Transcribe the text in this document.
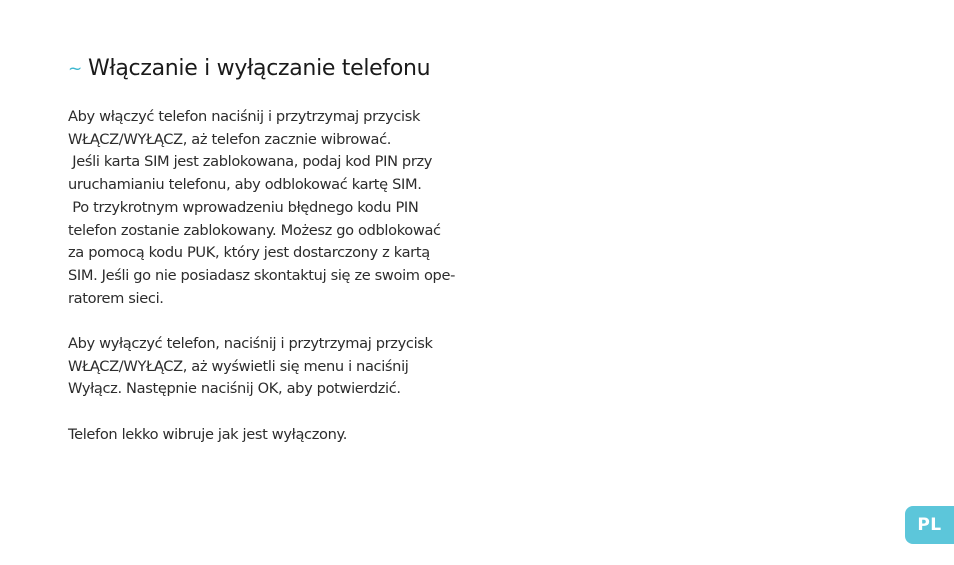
~ Włączanie i wyłączanie telefonu

Aby włączyć telefon naciśnij i przytrzymaj przycisk
WŁĄCZ/WYŁĄCZ, aż telefon zacznie wibrować.
Jeśli karta SIM jest zablokowana, podaj kod PIN przy
uruchamianiu telefonu, aby odblokować kartę SIM.
Po trzykrotnym wprowadzeniu błędnego kodu PIN
telefon zostanie zablokowany. Możesz go odblokować
za pomocą kodu PUK, który jest dostarczony z kartą
SIM. Jeśli go nie posiadasz skontaktuj się ze swoim ope-
ratorem sieci.

Aby wyłączyć telefon, naciśnij i przytrzymaj przycisk
WŁĄCZ/WYŁĄCZ, aż wyświetli się menu i naciśnij
Wyłącz. Następnie naciśnij OK, aby potwierdzić.

Telefon lekko wibruje jak jest wyłączony.

PL
